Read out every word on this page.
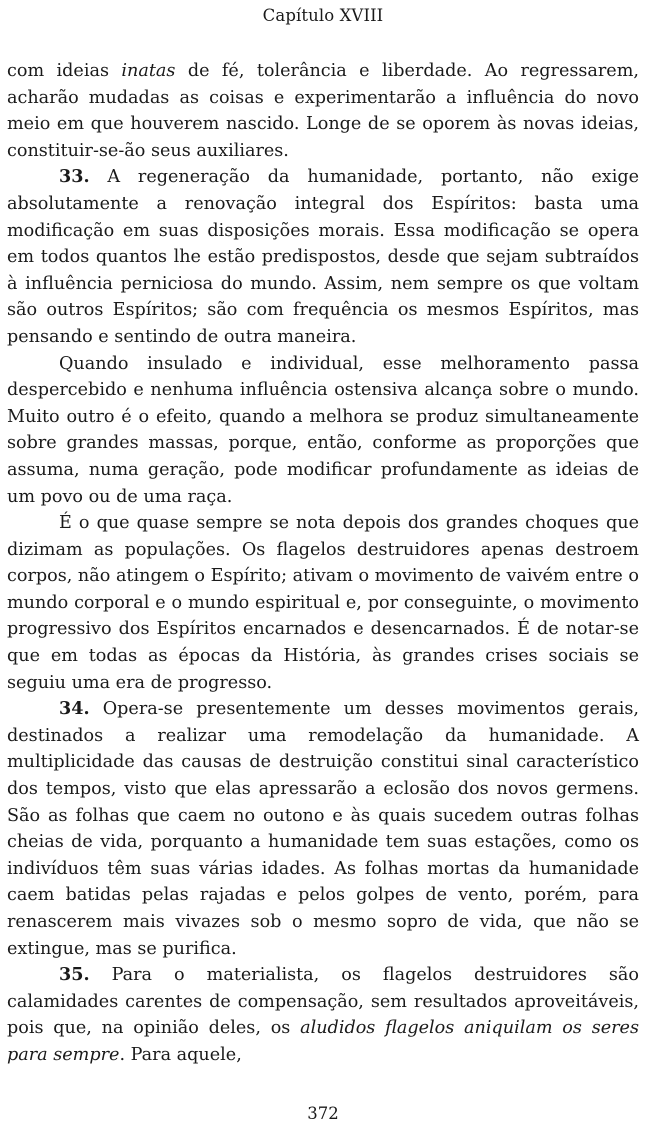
Capítulo XVIII

com ideias inatas de fé, tolerância e liberdade. Ao regressarem, acharão mudadas as coisas e experimentarão a influência do novo meio em que houverem nascido. Longe de se oporem às novas ideias, constituir-se-ão seus auxiliares.

33. A regeneração da humanidade, portanto, não exige absolutamente a renovação integral dos Espíritos: basta uma modificação em suas disposições morais. Essa modificação se opera em todos quantos lhe estão predispostos, desde que sejam subtraídos à influência perniciosa do mundo. Assim, nem sempre os que voltam são outros Espíritos; são com frequência os mesmos Espíritos, mas pensando e sentindo de outra maneira.

Quando insulado e individual, esse melhoramento passa despercebido e nenhuma influência ostensiva alcança sobre o mundo. Muito outro é o efeito, quando a melhora se produz simultaneamente sobre grandes massas, porque, então, conforme as proporções que assuma, numa geração, pode modificar profundamente as ideias de um povo ou de uma raça.

É o que quase sempre se nota depois dos grandes choques que dizimam as populações. Os flagelos destruidores apenas destroem corpos, não atingem o Espírito; ativam o movimento de vaivém entre o mundo corporal e o mundo espiritual e, por conseguinte, o movimento progressivo dos Espíritos encarnados e desencarnados. É de notar-se que em todas as épocas da História, às grandes crises sociais se seguiu uma era de progresso.

34. Opera-se presentemente um desses movimentos gerais, destinados a realizar uma remodelação da humanidade. A multiplicidade das causas de destruição constitui sinal característico dos tempos, visto que elas apressarão a eclosão dos novos germens. São as folhas que caem no outono e às quais sucedem outras folhas cheias de vida, porquanto a humanidade tem suas estações, como os indivíduos têm suas várias idades. As folhas mortas da humanidade caem batidas pelas rajadas e pelos golpes de vento, porém, para renascerem mais vivazes sob o mesmo sopro de vida, que não se extingue, mas se purifica.

35. Para o materialista, os flagelos destruidores são calamidades carentes de compensação, sem resultados aproveitáveis, pois que, na opinião deles, os aludidos flagelos aniquilam os seres para sempre. Para aquele,

372
